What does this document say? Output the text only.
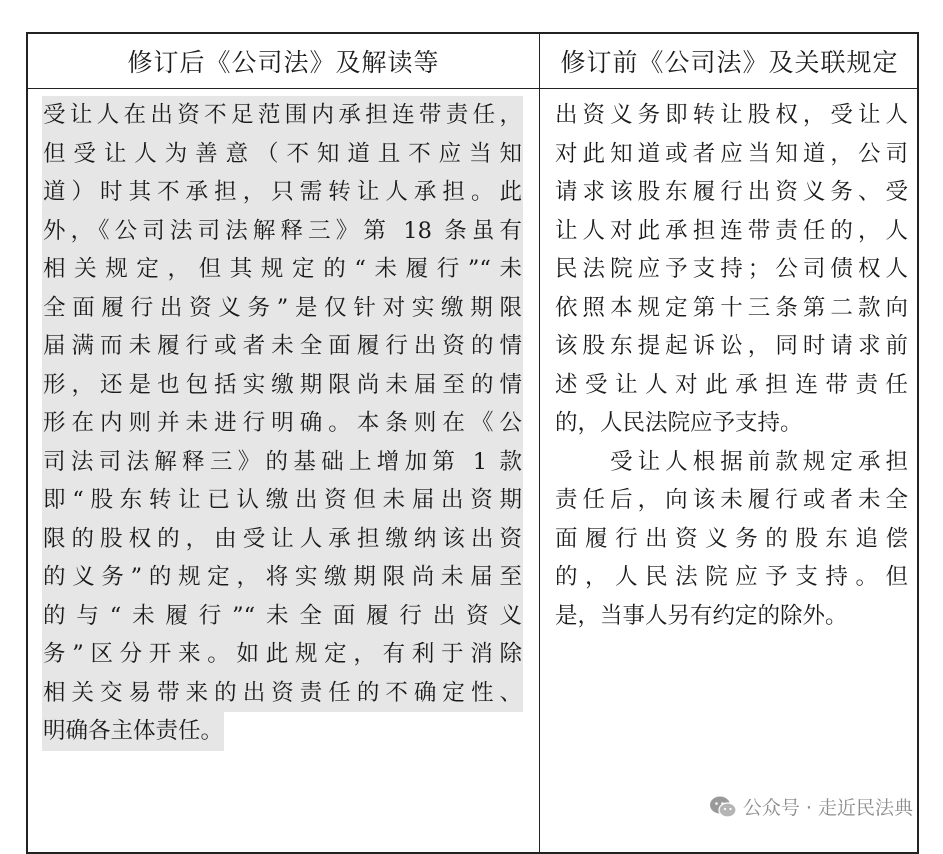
修订后《公司法》及解读等	修订前《公司法》及关联规定
受让人在出资不足范围内承担连带责任，
但受让人为善意（不知道且不应当知
道）时其不承担，只需转让人承担。此
外，《公司法司法解释三》第 18 条虽有
相关规定，但其规定的“未履行”“未
全面履行出资义务”是仅针对实缴期限
届满而未履行或者未全面履行出资的情
形，还是也包括实缴期限尚未届至的情
形在内则并未进行明确。本条则在《公
司法司法解释三》的基础上增加第 1 款
即“股东转让已认缴出资但未届出资期
限的股权的，由受让人承担缴纳该出资
的义务”的规定，将实缴期限尚未届至
的与“未履行”“未全面履行出资义
务”区分开来。如此规定，有利于消除
相关交易带来的出资责任的不确定性、
明确各主体责任。
出资义务即转让股权，受让人
对此知道或者应当知道，公司
请求该股东履行出资义务、受
让人对此承担连带责任的，人
民法院应予支持；公司债权人
依照本规定第十三条第二款向
该股东提起诉讼，同时请求前
述受让人对此承担连带责任
的，人民法院应予支持。
　　受让人根据前款规定承担
责任后，向该未履行或者未全
面履行出资义务的股东追偿
的，人民法院应予支持。但
是，当事人另有约定的除外。
公众号 · 走近民法典
